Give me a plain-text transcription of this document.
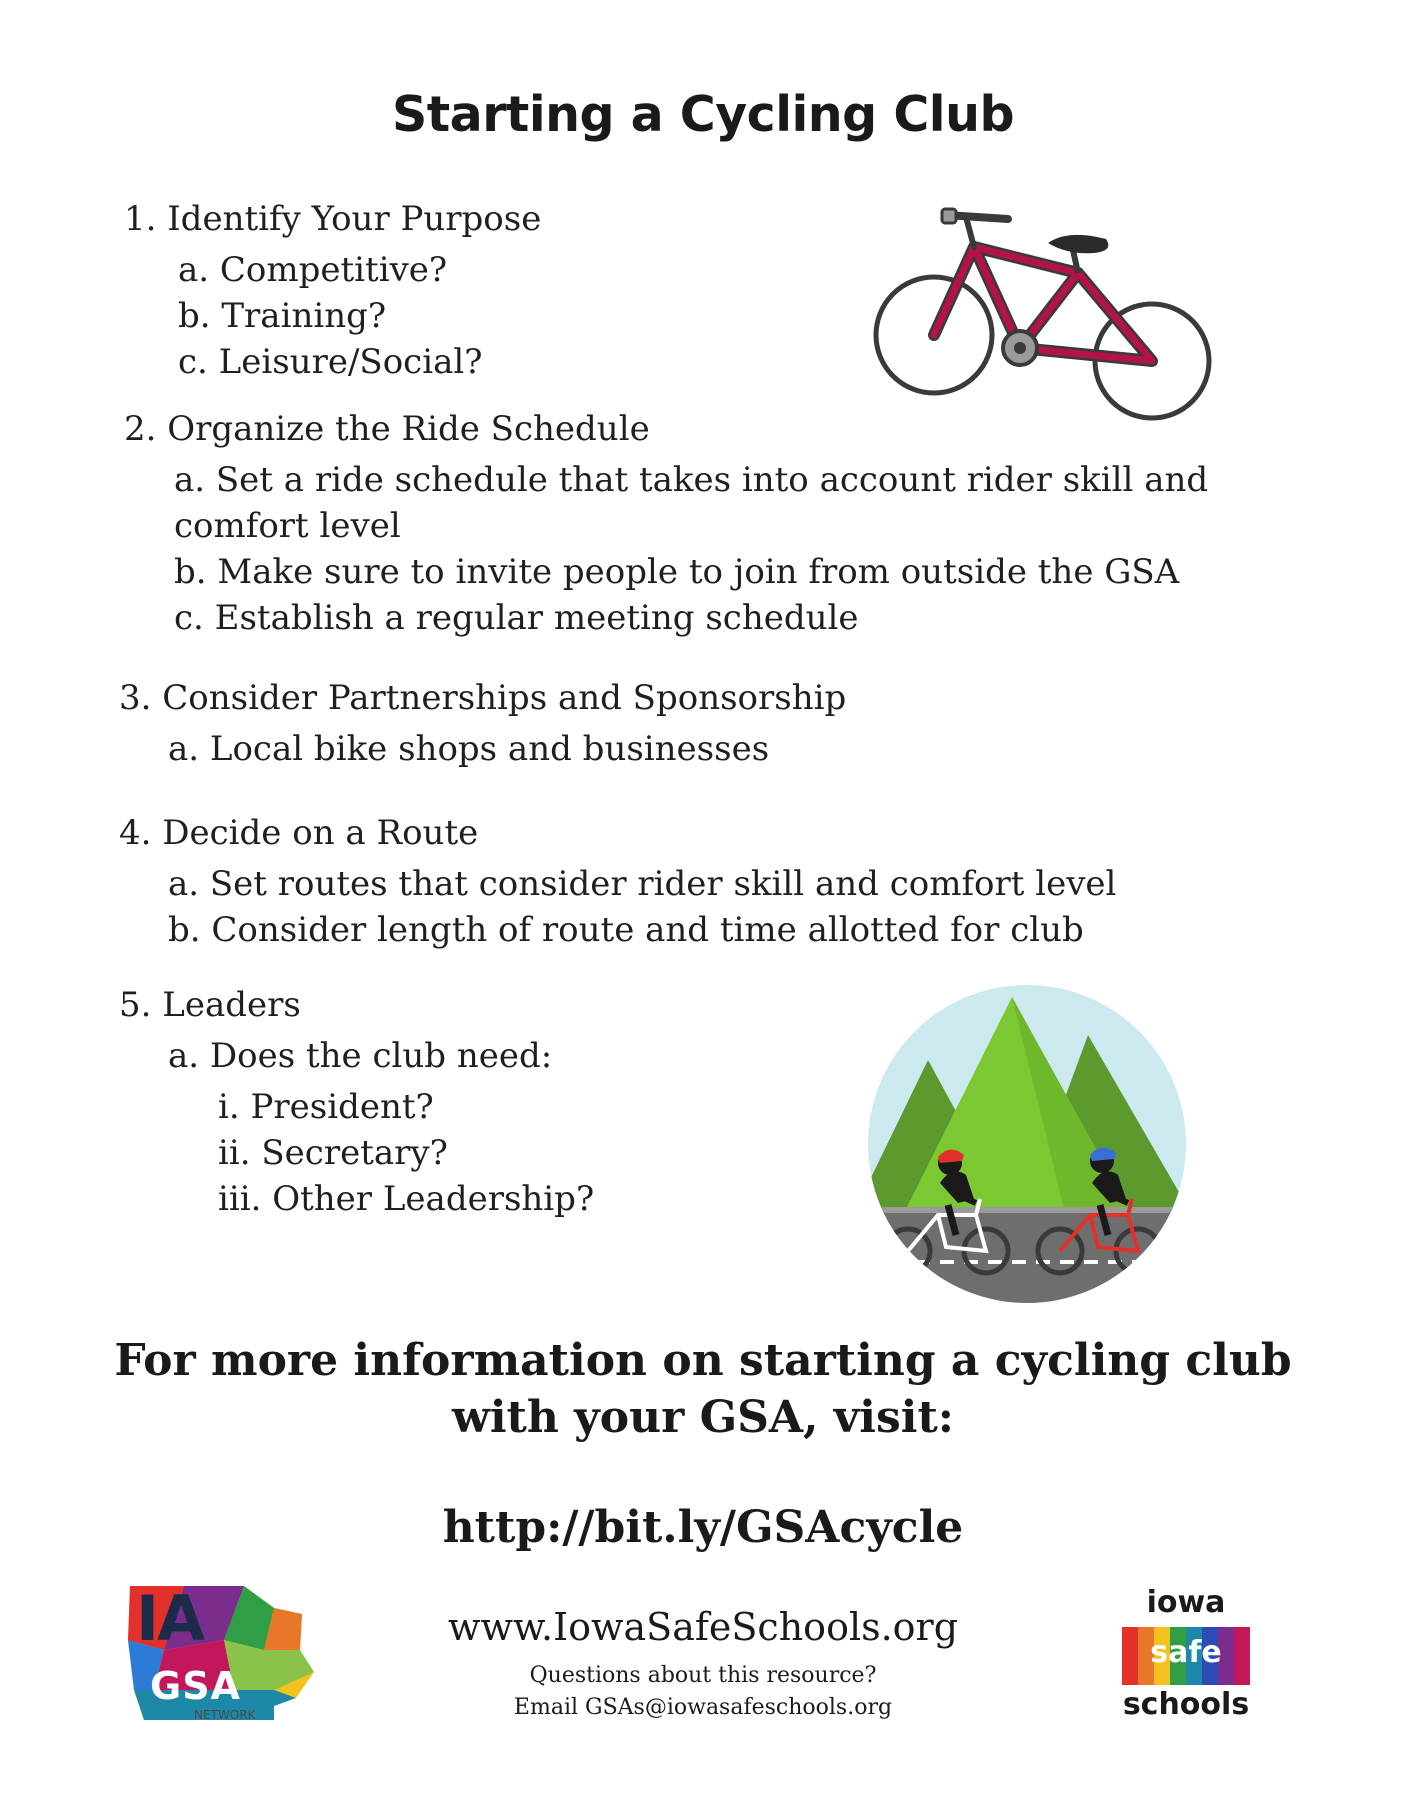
Starting a Cycling Club

1. Identify Your Purpose

a. Competitive?
b. Training?
c. Leisure/Social?
2. Organize the Ride Schedule
a. Set a ride schedule that takes into account rider skill and
comfort level
b. Make sure to invite people to join from outside the GSA
c. Establish a regular meeting schedule
3. Consider Partnerships and Sponsorship
a. Local bike shops and businesses
4. Decide on a Route
a. Set routes that consider rider skill and comfort level
b. Consider length of route and time allotted for club
5. Leaders
a. Does the club need:
i. President?
ii. Secretary?
iii. Other Leadership?
For more information on starting a cycling club
with your GSA, visit:
http://bit.ly/GSAcycle
www.IowaSafeSchools.org
Questions about this resource?
Email GSAs@iowasafeschools.org
IA
GSA
NETWORK
iowa
safe
schools
